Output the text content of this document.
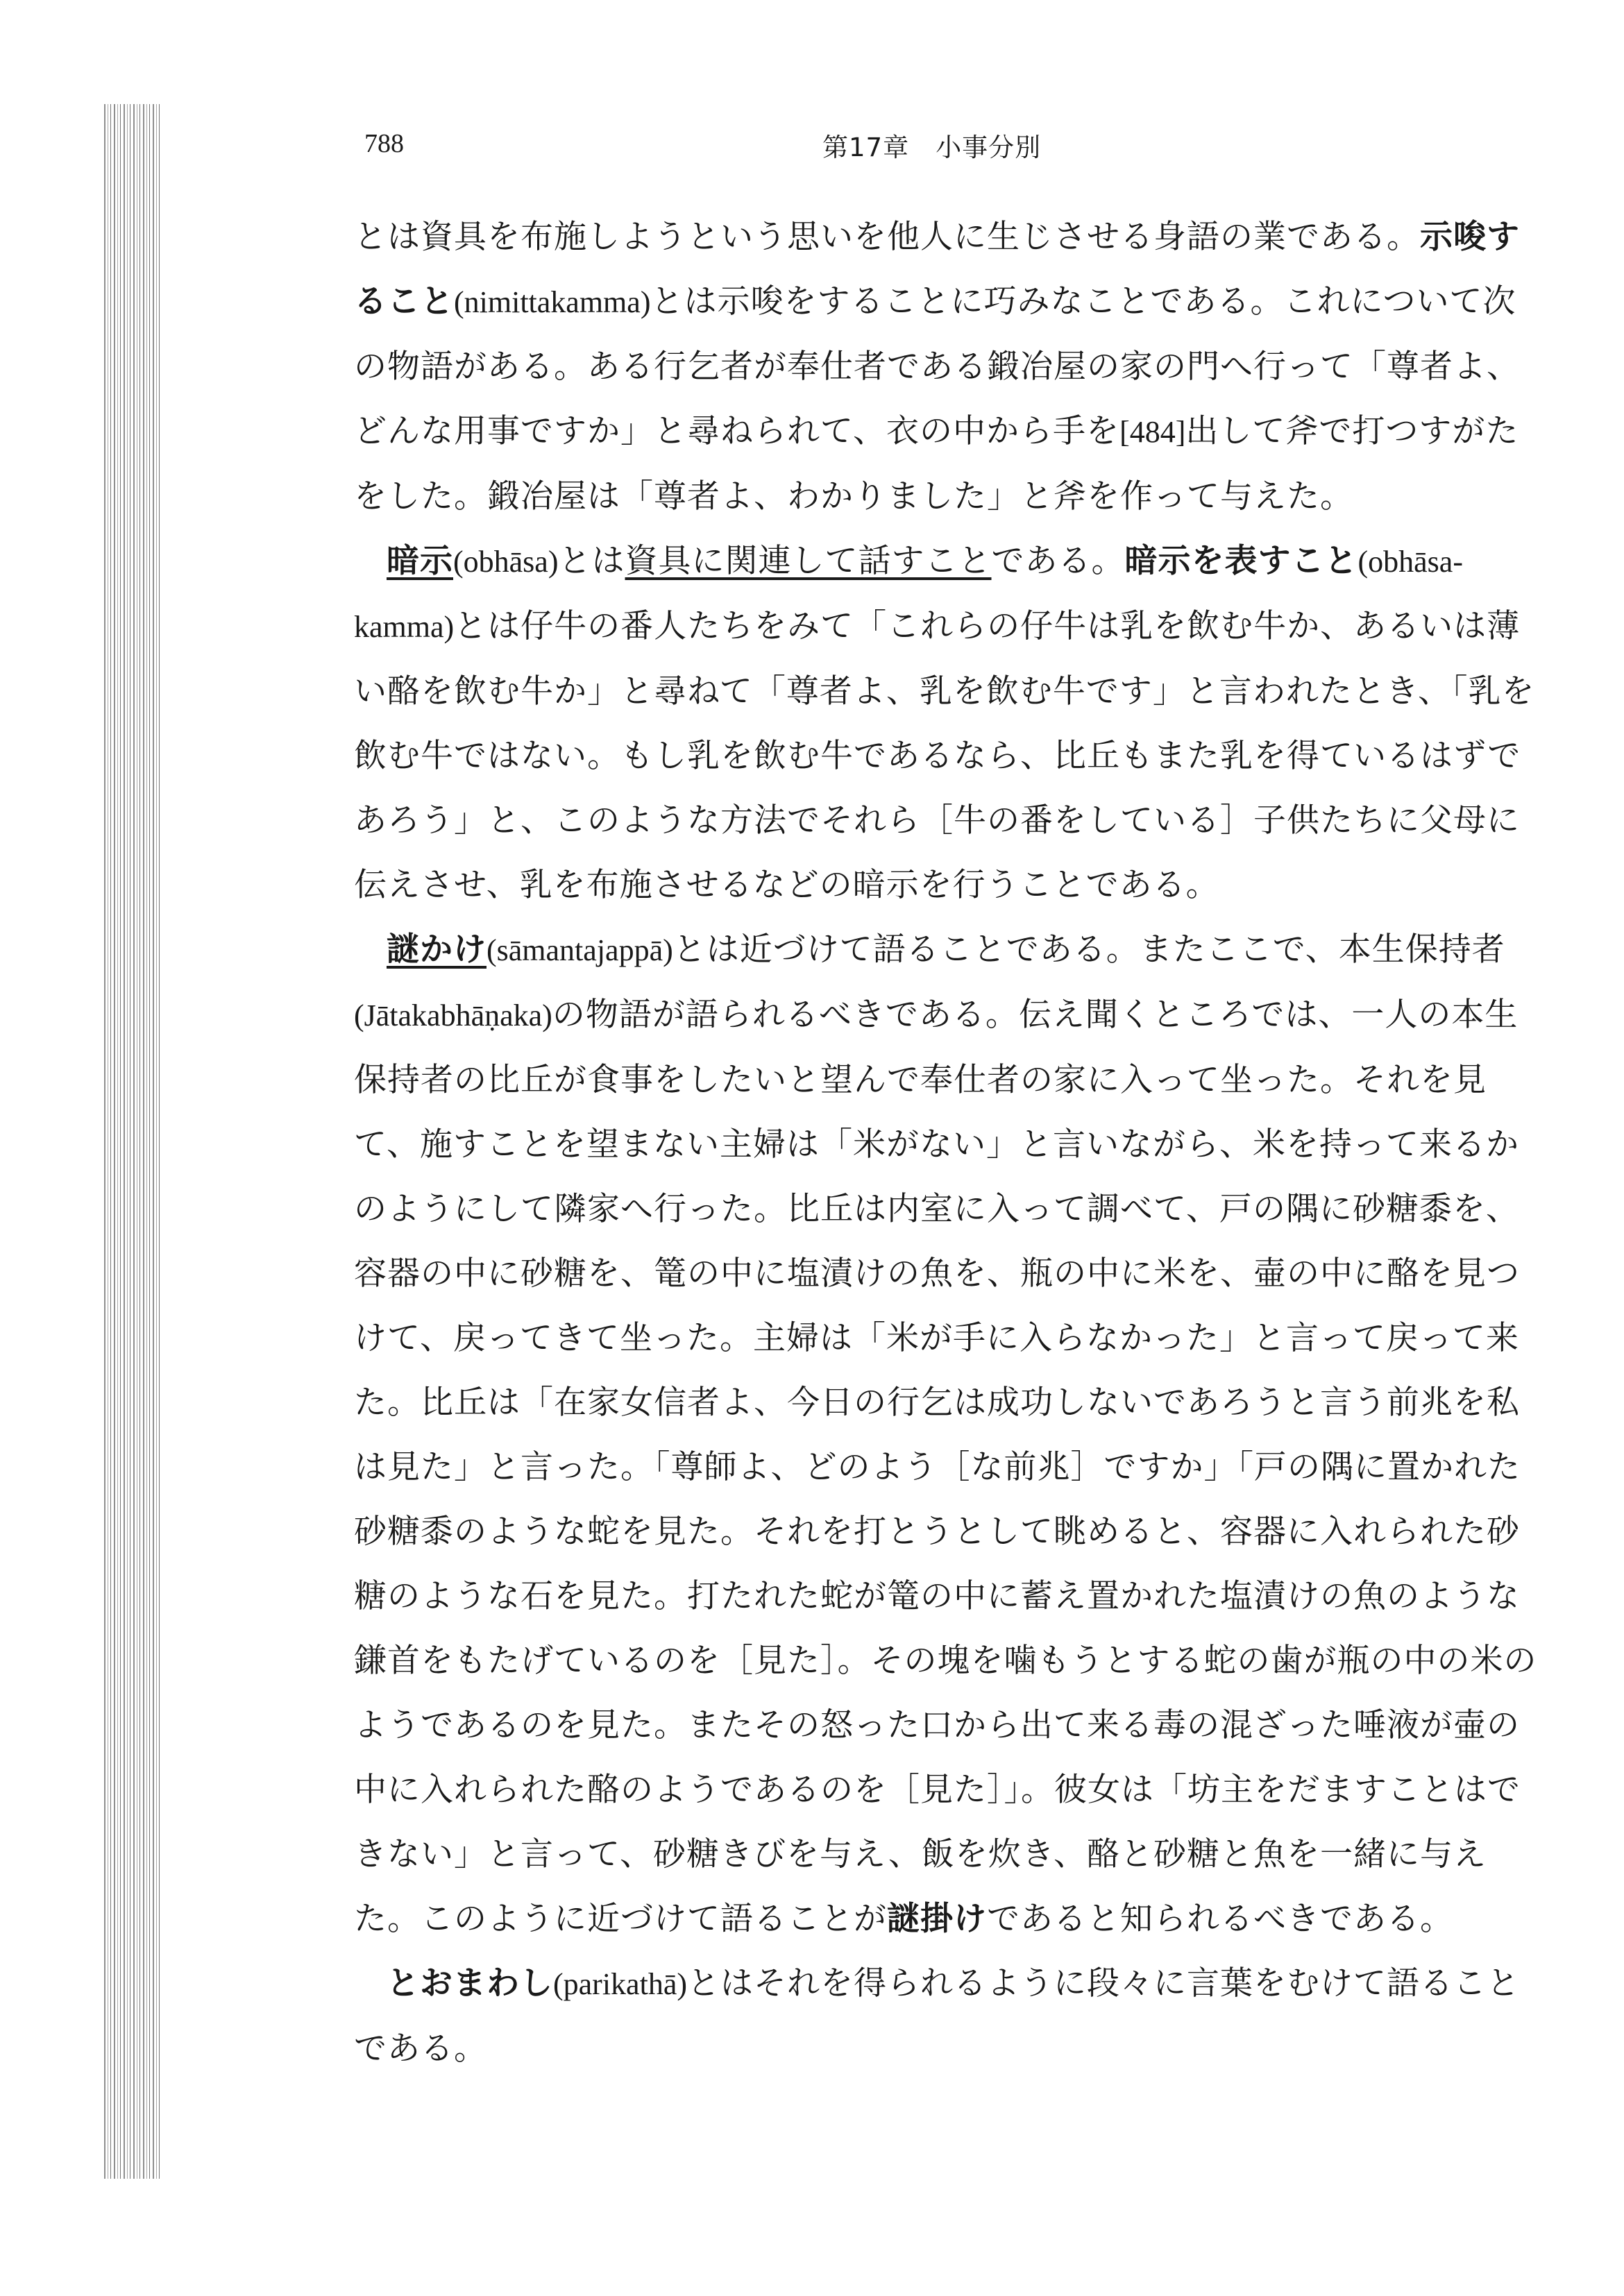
788	第17章　小事分別

とは資具を布施しようという思いを他人に生じさせる身語の業である。示唆すること(nimittakamma)とは示唆をすることに巧みなことである。これについて次の物語がある。ある行乞者が奉仕者である鍛冶屋の家の門へ行って「尊者よ、どんな用事ですか」と尋ねられて、衣の中から手を[484]出して斧で打つすがたをした。鍛冶屋は「尊者よ、わかりました」と斧を作って与えた。

暗示(obhāsa)とは資具に関連して話すことである。暗示を表すこと(obhāsa-kamma)とは仔牛の番人たちをみて「これらの仔牛は乳を飲む牛か、あるいは薄い酪を飲む牛か」と尋ねて「尊者よ、乳を飲む牛です」と言われたとき、「乳を飲む牛ではない。もし乳を飲む牛であるなら、比丘もまた乳を得ているはずであろう」と、このような方法でそれら［牛の番をしている］子供たちに父母に伝えさせ、乳を布施させるなどの暗示を行うことである。

謎かけ(sāmantajappā)とは近づけて語ることである。またここで、本生保持者(Jātakabhāṇaka)の物語が語られるべきである。伝え聞くところでは、一人の本生保持者の比丘が食事をしたいと望んで奉仕者の家に入って坐った。それを見て、施すことを望まない主婦は「米がない」と言いながら、米を持って来るかのようにして隣家へ行った。比丘は内室に入って調べて、戸の隅に砂糖黍を、容器の中に砂糖を、篭の中に塩漬けの魚を、瓶の中に米を、壷の中に酪を見つけて、戻ってきて坐った。主婦は「米が手に入らなかった」と言って戻って来た。比丘は「在家女信者よ、今日の行乞は成功しないであろうと言う前兆を私は見た」と言った。「尊師よ、どのよう［な前兆］ですか」「戸の隅に置かれた砂糖黍のような蛇を見た。それを打とうとして眺めると、容器に入れられた砂糖のような石を見た。打たれた蛇が篭の中に蓄え置かれた塩漬けの魚のような鎌首をもたげているのを［見た］。その塊を噛もうとする蛇の歯が瓶の中の米のようであるのを見た。またその怒った口から出て来る毒の混ざった唾液が壷の中に入れられた酪のようであるのを［見た］」。彼女は「坊主をだますことはできない」と言って、砂糖きびを与え、飯を炊き、酪と砂糖と魚を一緒に与えた。このように近づけて語ることが謎掛けであると知られるべきである。

とおまわし(parikathā)とはそれを得られるように段々に言葉をむけて語ることである。
